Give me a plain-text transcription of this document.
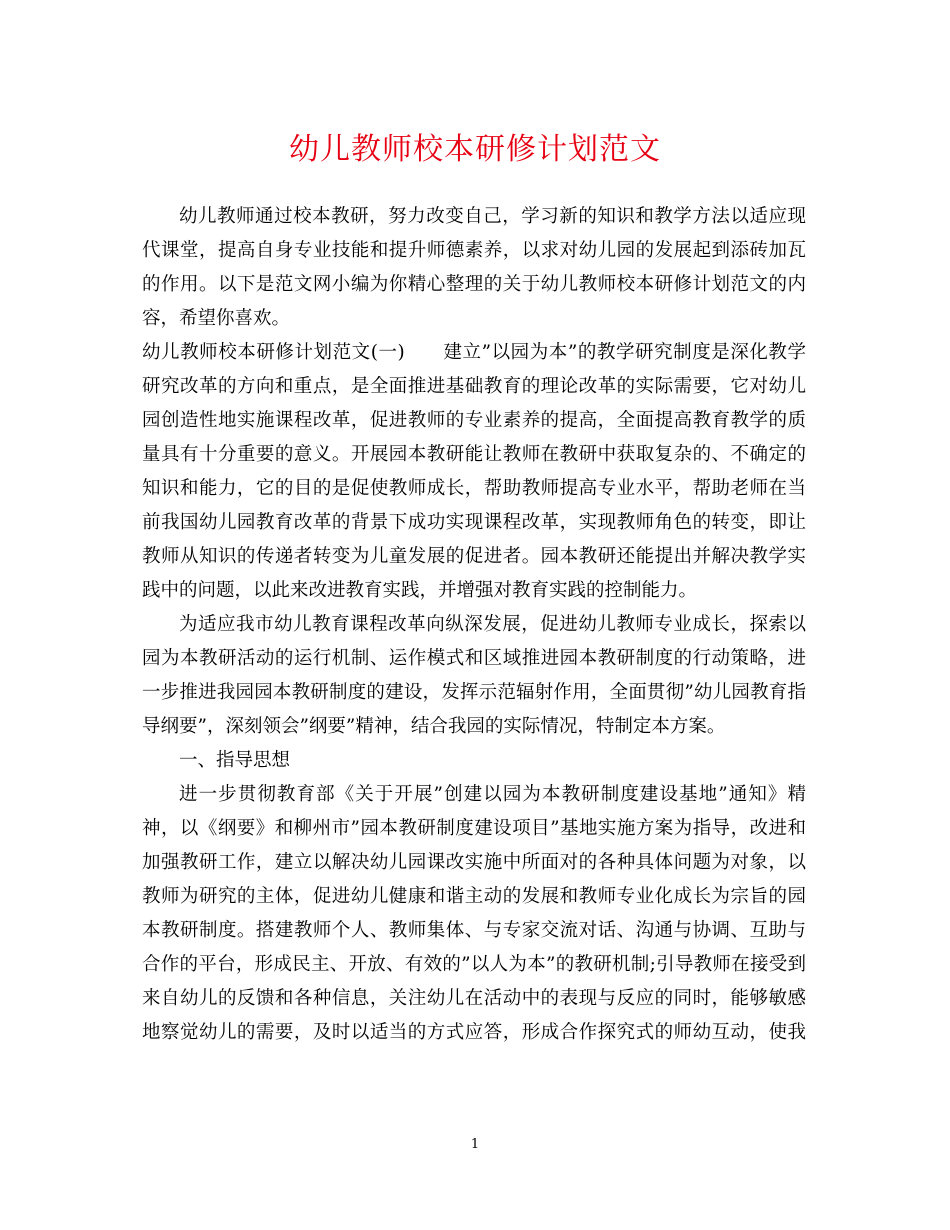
幼儿教师校本研修计划范文
幼儿教师通过校本教研，努力改变自己，学习新的知识和教学方法以适应现
代课堂，提高自身专业技能和提升师德素养，以求对幼儿园的发展起到添砖加瓦
的作用。以下是范文网小编为你精心整理的关于幼儿教师校本研修计划范文的内
容，希望你喜欢。
幼儿教师校本研修计划范文(一)　　建立”以园为本”的教学研究制度是深化教学
研究改革的方向和重点，是全面推进基础教育的理论改革的实际需要，它对幼儿
园创造性地实施课程改革，促进教师的专业素养的提高，全面提高教育教学的质
量具有十分重要的意义。开展园本教研能让教师在教研中获取复杂的、不确定的
知识和能力，它的目的是促使教师成长，帮助教师提高专业水平，帮助老师在当
前我国幼儿园教育改革的背景下成功实现课程改革，实现教师角色的转变，即让
教师从知识的传递者转变为儿童发展的促进者。园本教研还能提出并解决教学实
践中的问题，以此来改进教育实践，并增强对教育实践的控制能力。
为适应我市幼儿教育课程改革向纵深发展，促进幼儿教师专业成长，探索以
园为本教研活动的运行机制、运作模式和区域推进园本教研制度的行动策略，进
一步推进我园园本教研制度的建设，发挥示范辐射作用，全面贯彻”幼儿园教育指
导纲要”，深刻领会”纲要”精神，结合我园的实际情况，特制定本方案。
一、指导思想
进一步贯彻教育部《关于开展”创建以园为本教研制度建设基地”通知》精
神，以《纲要》和柳州市”园本教研制度建设项目”基地实施方案为指导，改进和
加强教研工作，建立以解决幼儿园课改实施中所面对的各种具体问题为对象，以
教师为研究的主体，促进幼儿健康和谐主动的发展和教师专业化成长为宗旨的园
本教研制度。搭建教师个人、教师集体、与专家交流对话、沟通与协调、互助与
合作的平台，形成民主、开放、有效的”以人为本”的教研机制;引导教师在接受到
来自幼儿的反馈和各种信息，关注幼儿在活动中的表现与反应的同时，能够敏感
地察觉幼儿的需要，及时以适当的方式应答，形成合作探究式的师幼互动，使我
1
